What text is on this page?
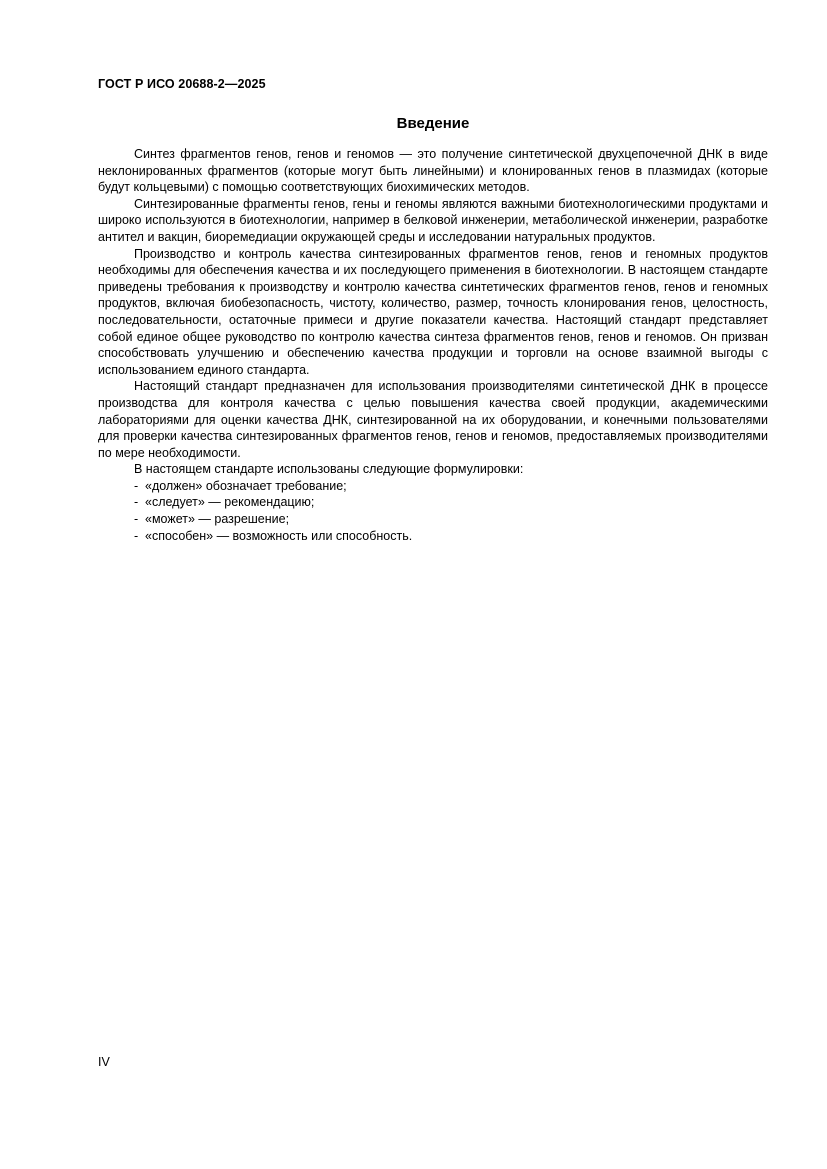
ГОСТ Р ИСО 20688-2—2025
Введение

Синтез фрагментов генов, генов и геномов — это получение синтетической двухцепочечной ДНК в виде неклонированных фрагментов (которые могут быть линейными) и клонированных генов в плазмидах (которые будут кольцевыми) с помощью соответствующих биохимических методов.

Синтезированные фрагменты генов, гены и геномы являются важными биотехнологическими продуктами и широко используются в биотехнологии, например в белковой инженерии, метаболической инженерии, разработке антител и вакцин, биоремедиации окружающей среды и исследовании натуральных продуктов.

Производство и контроль качества синтезированных фрагментов генов, генов и геномных продуктов необходимы для обеспечения качества и их последующего применения в биотехнологии. В настоящем стандарте приведены требования к производству и контролю качества синтетических фрагментов генов, генов и геномных продуктов, включая биобезопасность, чистоту, количество, размер, точность клонирования генов, целостность, последовательности, остаточные примеси и другие показатели качества. Настоящий стандарт представляет собой единое общее руководство по контролю качества синтеза фрагментов генов, генов и геномов. Он призван способствовать улучшению и обеспечению качества продукции и торговли на основе взаимной выгоды с использованием единого стандарта.

Настоящий стандарт предназначен для использования производителями синтетической ДНК в процессе производства для контроля качества с целью повышения качества своей продукции, академическими лабораториями для оценки качества ДНК, синтезированной на их оборудовании, и конечными пользователями для проверки качества синтезированных фрагментов генов, генов и геномов, предоставляемых производителями по мере необходимости.

В настоящем стандарте использованы следующие формулировки:

- «должен» обозначает требование;
- «следует» — рекомендацию;
- «может» — разрешение;
- «способен» — возможность или способность.
IV
